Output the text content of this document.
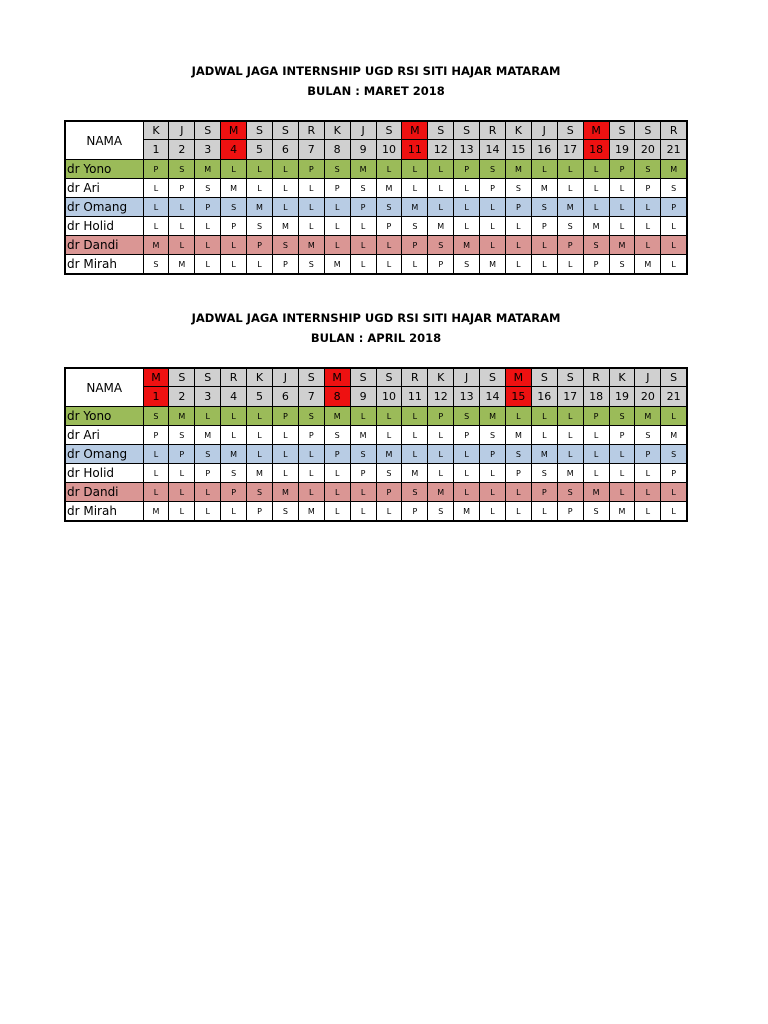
JADWAL JAGA INTERNSHIP UGD RSI SITI HAJAR MATARAM
BULAN : MARET 2018
NAMA	K	J	S	M	S	S	R	K	J	S	M	S	S	R	K	J	S	M	S	S	R
	1	2	3	4	5	6	7	8	9	10	11	12	13	14	15	16	17	18	19	20	21
dr Yono	P	S	M	L	L	L	P	S	M	L	L	L	P	S	M	L	L	L	P	S	M
dr Ari	L	P	S	M	L	L	L	P	S	M	L	L	L	P	S	M	L	L	L	P	S
dr Omang	L	L	P	S	M	L	L	L	P	S	M	L	L	L	P	S	M	L	L	L	P
dr Holid	L	L	L	P	S	M	L	L	L	P	S	M	L	L	L	P	S	M	L	L	L
dr Dandi	M	L	L	L	P	S	M	L	L	L	P	S	M	L	L	L	P	S	M	L	L
dr Mirah	S	M	L	L	L	P	S	M	L	L	L	P	S	M	L	L	L	P	S	M	L
JADWAL JAGA INTERNSHIP UGD RSI SITI HAJAR MATARAM
BULAN : APRIL 2018
NAMA	M	S	S	R	K	J	S	M	S	S	R	K	J	S	M	S	S	R	K	J	S
	1	2	3	4	5	6	7	8	9	10	11	12	13	14	15	16	17	18	19	20	21
dr Yono	S	M	L	L	L	P	S	M	L	L	L	P	S	M	L	L	L	P	S	M	L
dr Ari	P	S	M	L	L	L	P	S	M	L	L	L	P	S	M	L	L	L	P	S	M
dr Omang	L	P	S	M	L	L	L	P	S	M	L	L	L	P	S	M	L	L	L	P	S
dr Holid	L	L	P	S	M	L	L	L	P	S	M	L	L	L	P	S	M	L	L	L	P
dr Dandi	L	L	L	P	S	M	L	L	L	P	S	M	L	L	L	P	S	M	L	L	L
dr Mirah	M	L	L	L	P	S	M	L	L	L	P	S	M	L	L	L	P	S	M	L	L
